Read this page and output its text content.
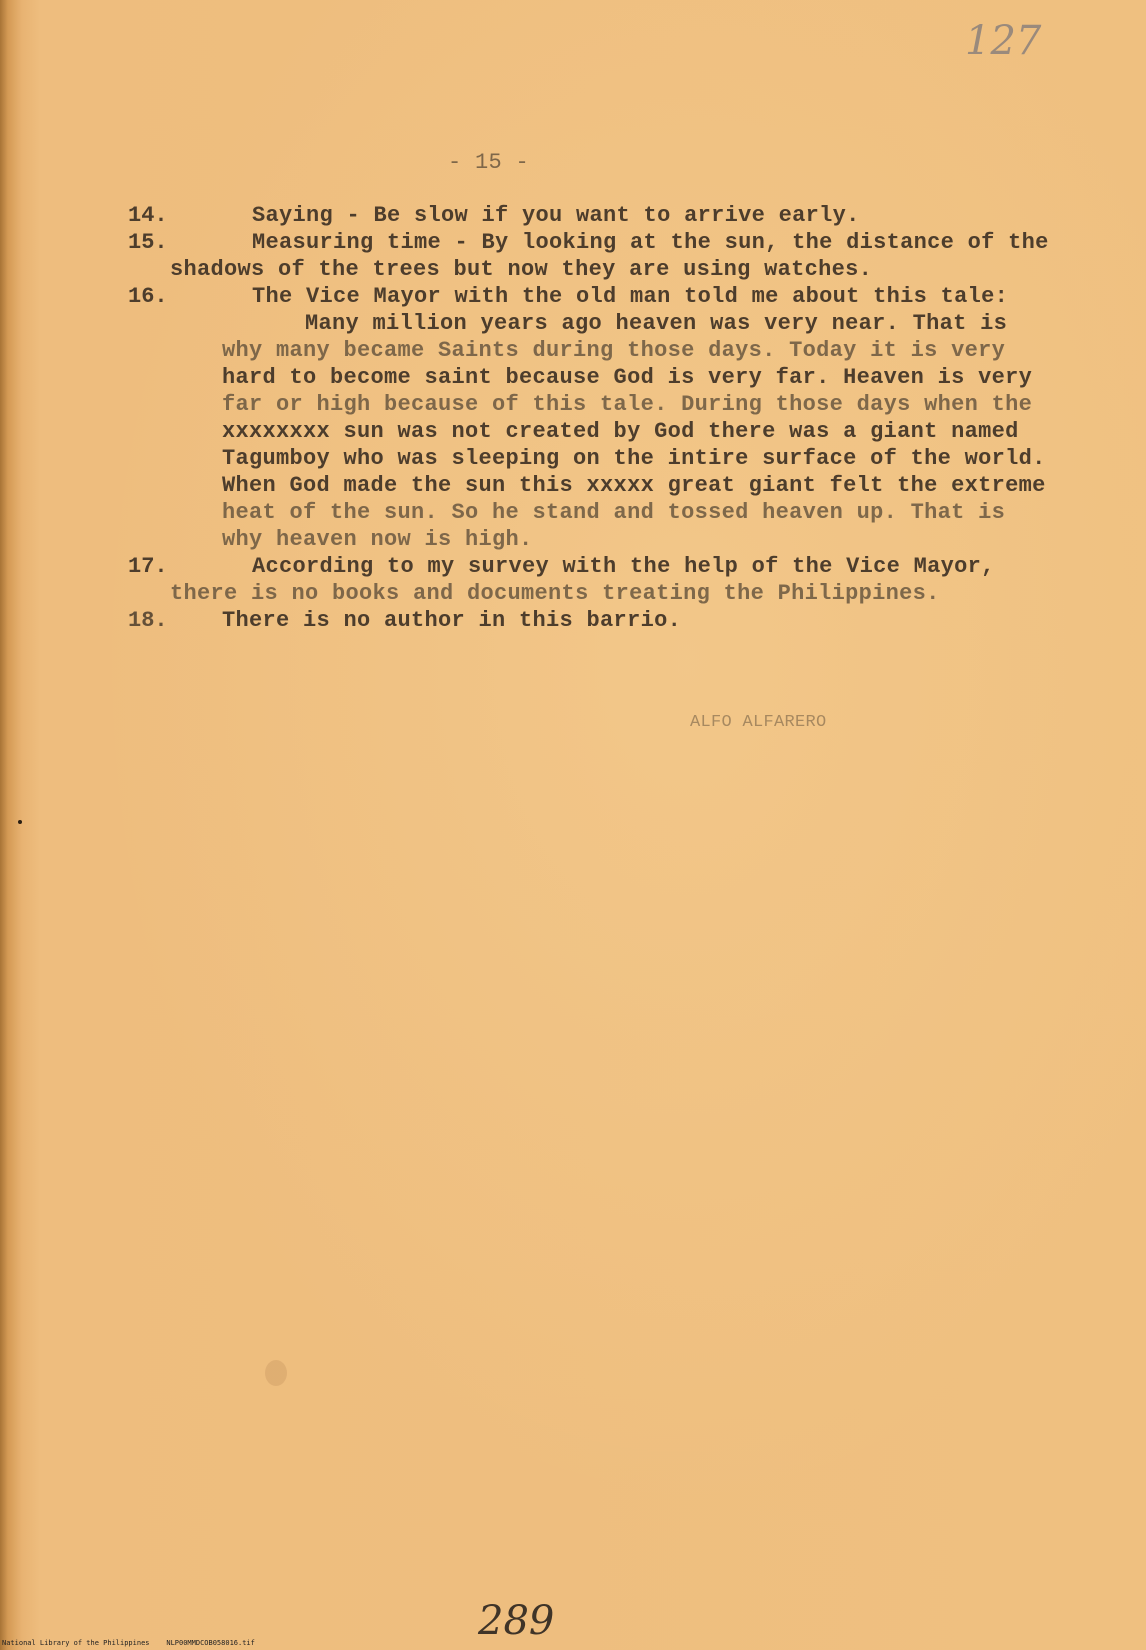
127
- 15 -
14.	Saying - Be slow if you want to arrive early.
15.	Measuring time - By looking at the sun, the distance of the
shadows of the trees but now they are using watches.
16.	The Vice Mayor with the old man told me about this tale:
Many million years ago heaven was very near. That is
why many became Saints during those days. Today it is very
hard to become saint because God is very far. Heaven is very
far or high because of this tale. During those days when the
xxxxxxxx sun was not created by God there was a giant named
Tagumboy who was sleeping on the intire surface of the world.
When God made the sun this xxxxx great giant felt the extreme
heat of the sun. So he stand and tossed heaven up. That is
why heaven now is high.
17.	According to my survey with the help of the Vice Mayor,
there is no books and documents treating the Philippines.
18. There is no author in this barrio.
ALFO ALFARERO
289
National Library of the Philippines    NLP00MMDCOB058016.tif
